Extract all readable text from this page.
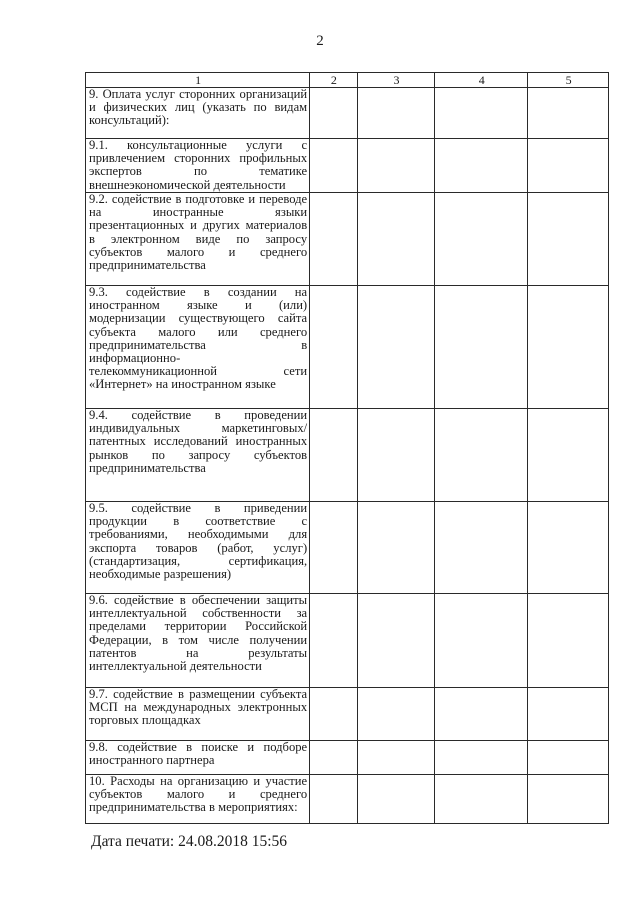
2
1	2	3	4	5
9. Оплата услуг сторонних организаций и физических лиц (указать по видам консультаций):				
9.1. консультационные услуги с привлечением сторонних профильных экспертов по тематике внешнеэкономической деятельности				
9.2. содействие в подготовке и переводе на иностранные языки презентационных и других материалов в электронном виде по запросу субъектов малого и среднего предпринимательства				
9.3. содействие в создании на иностранном языке и (или) модернизации существующего сайта субъекта малого или среднего предпринимательства в информационно-телекоммуникационной сети «Интернет» на иностранном языке				
9.4. содействие в проведении индивидуальных маркетинговых/патентных исследований иностранных рынков по запросу субъектов предпринимательства				
9.5. содействие в приведении продукции в соответствие с требованиями, необходимыми для экспорта товаров (работ, услуг) (стандартизация, сертификация, необходимые разрешения)				
9.6. содействие в обеспечении защиты интеллектуальной собственности за пределами территории Российской Федерации, в том числе получении патентов на результаты интеллектуальной деятельности				
9.7. содействие в размещении субъекта МСП на международных электронных торговых площадках				
9.8. содействие в поиске и подборе иностранного партнера				
10. Расходы на организацию и участие субъектов малого и среднего предпринимательства в мероприятиях:				
Дата печати: 24.08.2018 15:56
